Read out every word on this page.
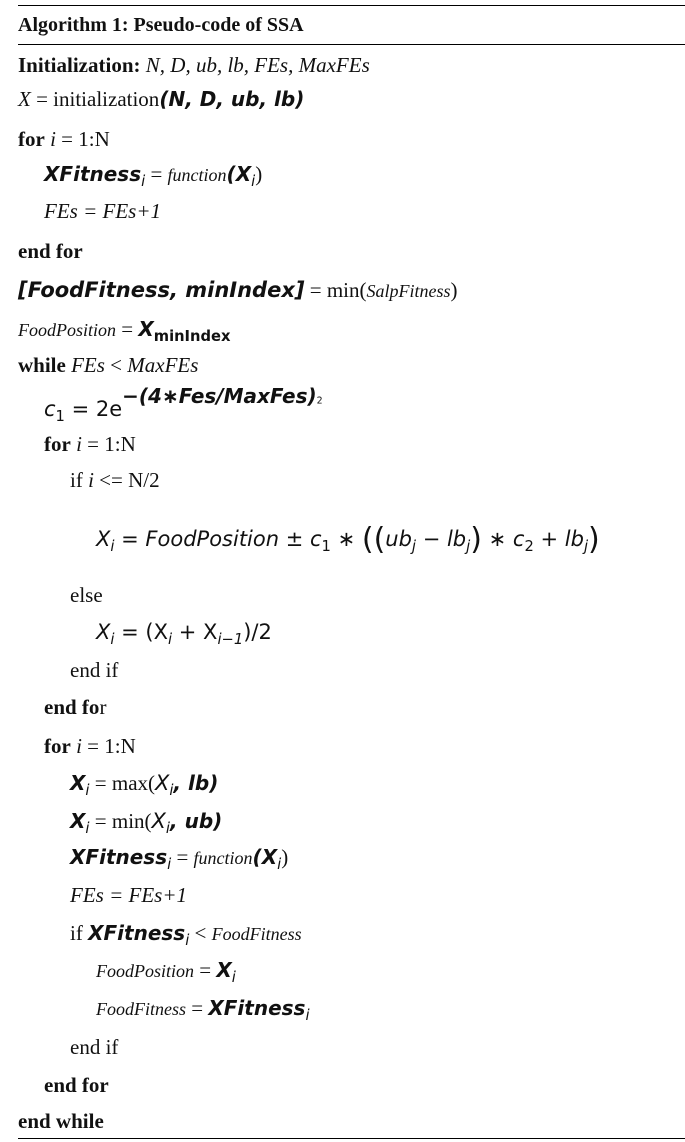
Algorithm 1: Pseudo-code of SSA
Initialization: N, D, ub, lb, FEs, MaxFEs
X = initialization(N, D, ub, lb)
for i = 1:N
XFitness$_i$ = $function(X_i)$
FEs = FEs+1
end for
[FoodFitness, minIndex] = min(SalpFitness)
FoodPosition = $X_{minIndex}$
while FEs < MaxFEs
$c_1 = 2e^{-(4∗Fes/MaxFes)2}$
for i = 1:N
if i <= N/2
$X_i$ = FoodPosition ± $c_1$ ∗ ($(ub_j - lb_j)$ ∗ $c_2 + lb_j$)
else
$X_i = (X_i + X_{i-1})/2$
end if
end for
for i = 1:N
$X_i = \max(X_i$, lb)
$X_i = \min(X_i$, ub)
XFitness$_i$ = $function(X_i)$
FEs = FEs+1
if XFitness$_i$ < FoodFitness
FoodPosition = $X_i$
FoodFitness = XFitness$_i$
end if
end for
end while
